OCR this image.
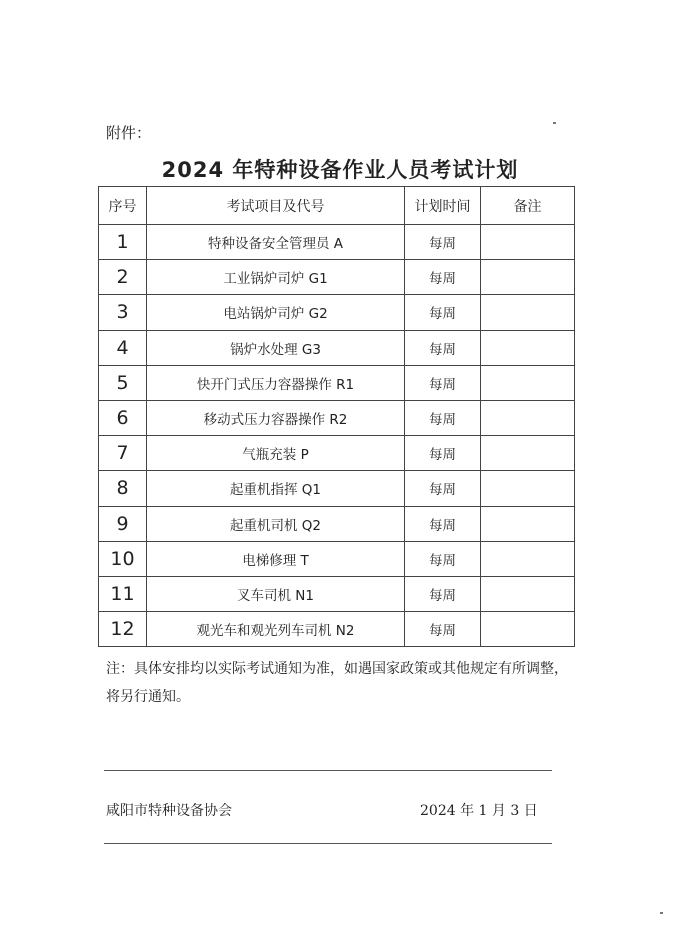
附件：
2024 年特种设备作业人员考试计划
序号	考试项目及代号	计划时间	备注
1	特种设备安全管理员 A	每周	
2	工业锅炉司炉 G1	每周	
3	电站锅炉司炉 G2	每周	
4	锅炉水处理 G3	每周	
5	快开门式压力容器操作 R1	每周	
6	移动式压力容器操作 R2	每周	
7	气瓶充装 P	每周	
8	起重机指挥 Q1	每周	
9	起重机司机 Q2	每周	
10	电梯修理 T	每周	
11	叉车司机 N1	每周	
12	观光车和观光列车司机 N2	每周	
注：具体安排均以实际考试通知为准，如遇国家政策或其他规定有所调整，将另行通知。
咸阳市特种设备协会	2024 年 1 月 3 日
